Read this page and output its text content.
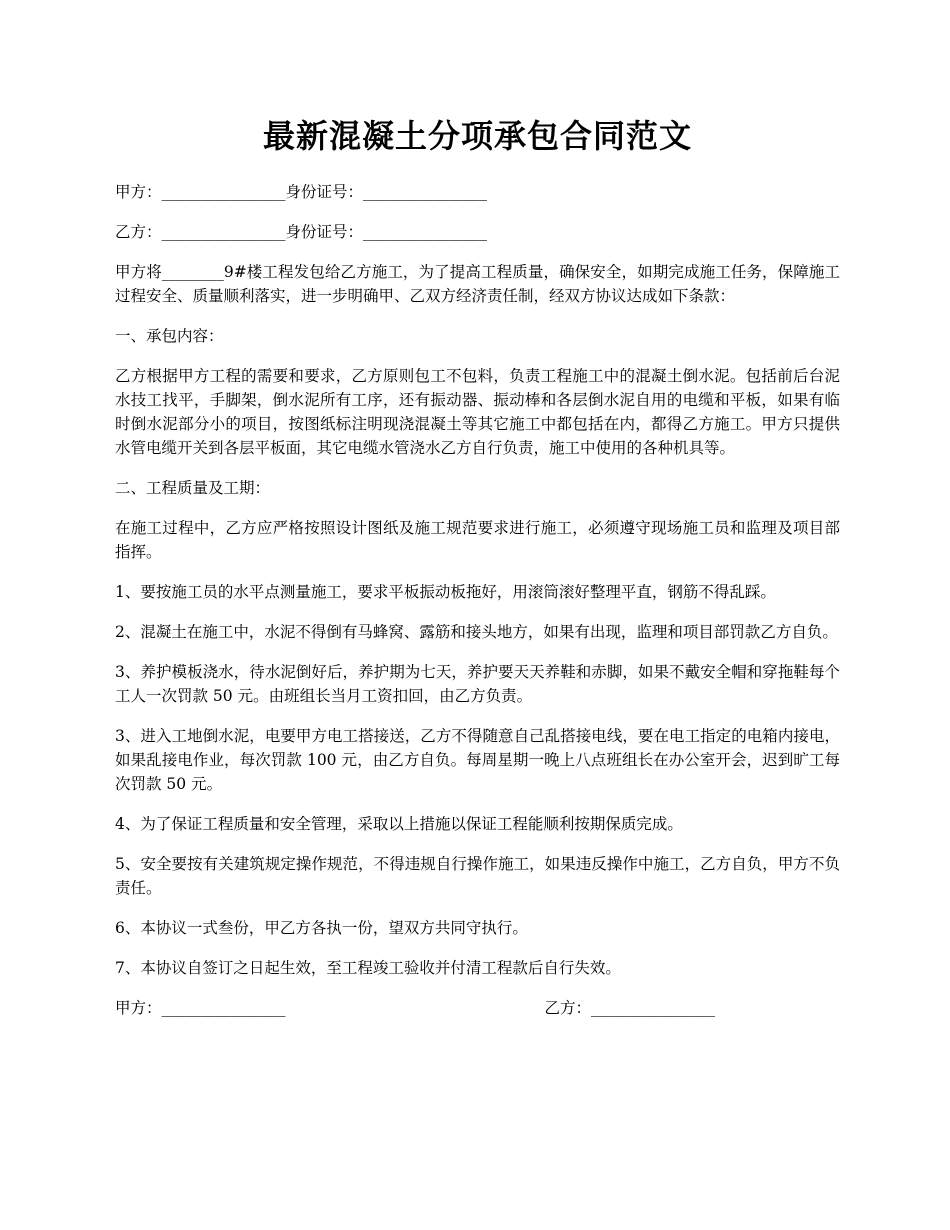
最新混凝土分项承包合同范文
甲方：________________身份证号：________________
乙方：________________身份证号：________________
甲方将________9#楼工程发包给乙方施工，为了提高工程质量，确保安全，如期完成施工任务，保障施工过程安全、质量顺利落实，进一步明确甲、乙双方经济责任制，经双方协议达成如下条款：
一、承包内容：
乙方根据甲方工程的需要和要求，乙方原则包工不包料，负责工程施工中的混凝土倒水泥。包括前后台泥水技工找平，手脚架，倒水泥所有工序，还有振动器、振动棒和各层倒水泥自用的电缆和平板，如果有临时倒水泥部分小的项目，按图纸标注明现浇混凝土等其它施工中都包括在内，都得乙方施工。甲方只提供水管电缆开关到各层平板面，其它电缆水管浇水乙方自行负责，施工中使用的各种机具等。
二、工程质量及工期：
在施工过程中，乙方应严格按照设计图纸及施工规范要求进行施工，必须遵守现场施工员和监理及项目部指挥。
1、要按施工员的水平点测量施工，要求平板振动板拖好，用滚筒滚好整理平直，钢筋不得乱踩。
2、混凝土在施工中，水泥不得倒有马蜂窝、露筋和接头地方，如果有出现，监理和项目部罚款乙方自负。
3、养护模板浇水，待水泥倒好后，养护期为七天，养护要天天养鞋和赤脚，如果不戴安全帽和穿拖鞋每个工人一次罚款 50 元。由班组长当月工资扣回，由乙方负责。
3、进入工地倒水泥，电要甲方电工搭接送，乙方不得随意自己乱搭接电线，要在电工指定的电箱内接电，如果乱接电作业，每次罚款 100 元，由乙方自负。每周星期一晚上八点班组长在办公室开会，迟到旷工每次罚款 50 元。
4、为了保证工程质量和安全管理，采取以上措施以保证工程能顺利按期保质完成。
5、安全要按有关建筑规定操作规范，不得违规自行操作施工，如果违反操作中施工，乙方自负，甲方不负责任。
6、本协议一式叁份，甲乙方各执一份，望双方共同守执行。
7、本协议自签订之日起生效，至工程竣工验收并付清工程款后自行失效。
甲方：________________	乙方：________________
